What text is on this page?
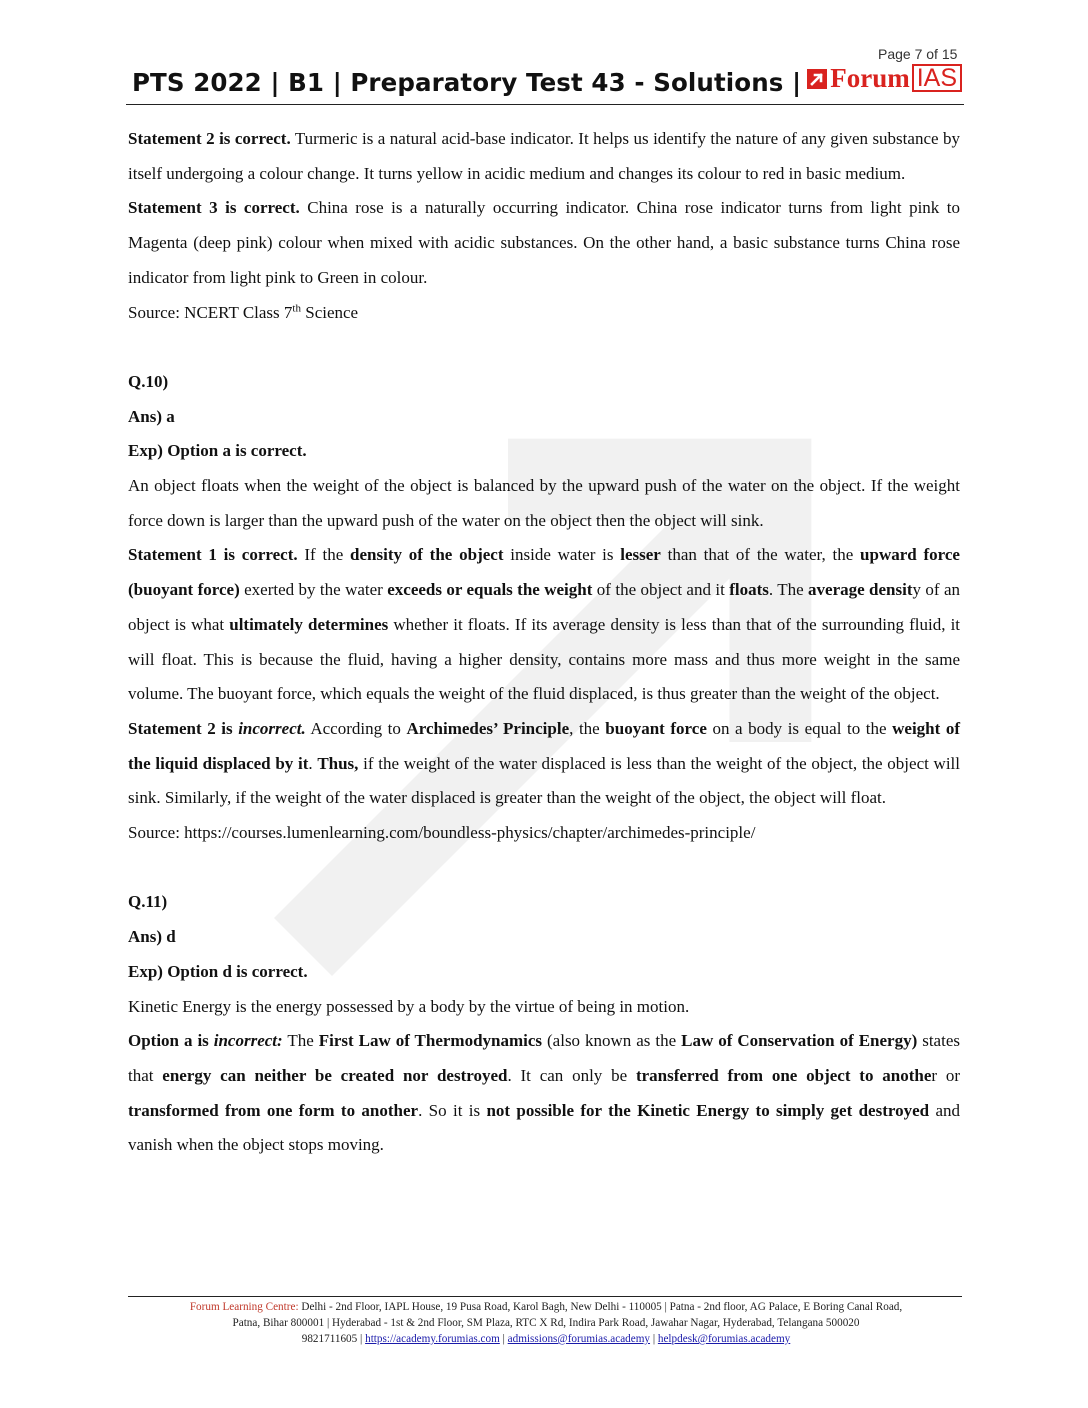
Page 7 of 15
PTS 2022 | B1 | Preparatory Test 43 - Solutions | Forum IAS

Statement 2 is correct. Turmeric is a natural acid-base indicator. It helps us identify the nature of any given substance by itself undergoing a colour change. It turns yellow in acidic medium and changes its colour to red in basic medium.

Statement 3 is correct. China rose is a naturally occurring indicator. China rose indicator turns from light pink to Magenta (deep pink) colour when mixed with acidic substances. On the other hand, a basic substance turns China rose indicator from light pink to Green in colour.

Source: NCERT Class 7th Science

Q.10)

Ans) a

Exp) Option a is correct.

An object floats when the weight of the object is balanced by the upward push of the water on the object. If the weight force down is larger than the upward push of the water on the object then the object will sink.

Statement 1 is correct. If the density of the object inside water is lesser than that of the water, the upward force (buoyant force) exerted by the water exceeds or equals the weight of the object and it floats. The average density of an object is what ultimately determines whether it floats. If its average density is less than that of the surrounding fluid, it will float. This is because the fluid, having a higher density, contains more mass and thus more weight in the same volume. The buoyant force, which equals the weight of the fluid displaced, is thus greater than the weight of the object.

Statement 2 is incorrect. According to Archimedes’ Principle, the buoyant force on a body is equal to the weight of the liquid displaced by it. Thus, if the weight of the water displaced is less than the weight of the object, the object will sink. Similarly, if the weight of the water displaced is greater than the weight of the object, the object will float.

Source: https://courses.lumenlearning.com/boundless-physics/chapter/archimedes-principle/

Q.11)

Ans) d

Exp) Option d is correct.

Kinetic Energy is the energy possessed by a body by the virtue of being in motion.

Option a is incorrect: The First Law of Thermodynamics (also known as the Law of Conservation of Energy) states that energy can neither be created nor destroyed. It can only be transferred from one object to another or transformed from one form to another. So it is not possible for the Kinetic Energy to simply get destroyed and vanish when the object stops moving.

Forum Learning Centre: Delhi - 2nd Floor, IAPL House, 19 Pusa Road, Karol Bagh, New Delhi - 110005 | Patna - 2nd floor, AG Palace, E Boring Canal Road,
Patna, Bihar 800001 | Hyderabad - 1st & 2nd Floor, SM Plaza, RTC X Rd, Indira Park Road, Jawahar Nagar, Hyderabad, Telangana 500020
9821711605 | https://academy.forumias.com | admissions@forumias.academy | helpdesk@forumias.academy
